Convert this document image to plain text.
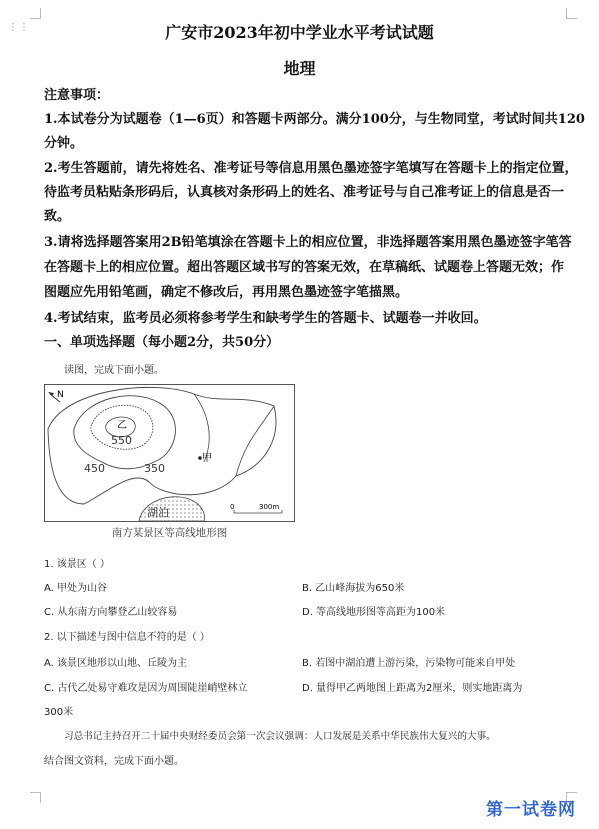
⋮⋮	广安市2023年初中学业水平考试试题
地理
注意事项：
1.本试卷分为试题卷（1—6页）和答题卡两部分。满分100分，与生物同堂，考试时间共120
分钟。
2.考生答题前，请先将姓名、准考证号等信息用黑色墨迹签字笔填写在答题卡上的指定位置，
待监考员粘贴条形码后，认真核对条形码上的姓名、准考证号与自己准考证上的信息是否一
致。
3.请将选择题答案用2B铅笔填涂在答题卡上的相应位置，非选择题答案用黑色墨迹签字笔答
在答题卡上的相应位置。超出答题区域书写的答案无效，在草稿纸、试题卷上答题无效；作
图题应先用铅笔画，确定不修改后，再用黑色墨迹签字笔描黑。
4.考试结束，监考员必须将参考学生和缺考学生的答题卡、试题卷一并收回。
一、单项选择题（每小题2分，共50分）
读图，完成下面小题。
N
乙
550
450	350
甲
湖泊	0	300m
南方某景区等高线地形图
1. 该景区（ ）
A. 甲处为山谷	B. 乙山峰海拔为650米
C. 从东南方向攀登乙山较容易	D. 等高线地形图等高距为100米
2. 以下描述与图中信息不符的是（ ）
A. 该景区地形以山地、丘陵为主	B. 若图中湖泊遭上游污染，污染物可能来自甲处
C. 古代乙处易守难攻是因为周围陡崖峭壁林立	D. 量得甲乙两地图上距离为2厘米，则实地距离为
300米
习总书记主持召开二十届中央财经委员会第一次会议强调：人口发展是关系中华民族伟大复兴的大事。
结合图文资料，完成下面小题。
第一试卷网
